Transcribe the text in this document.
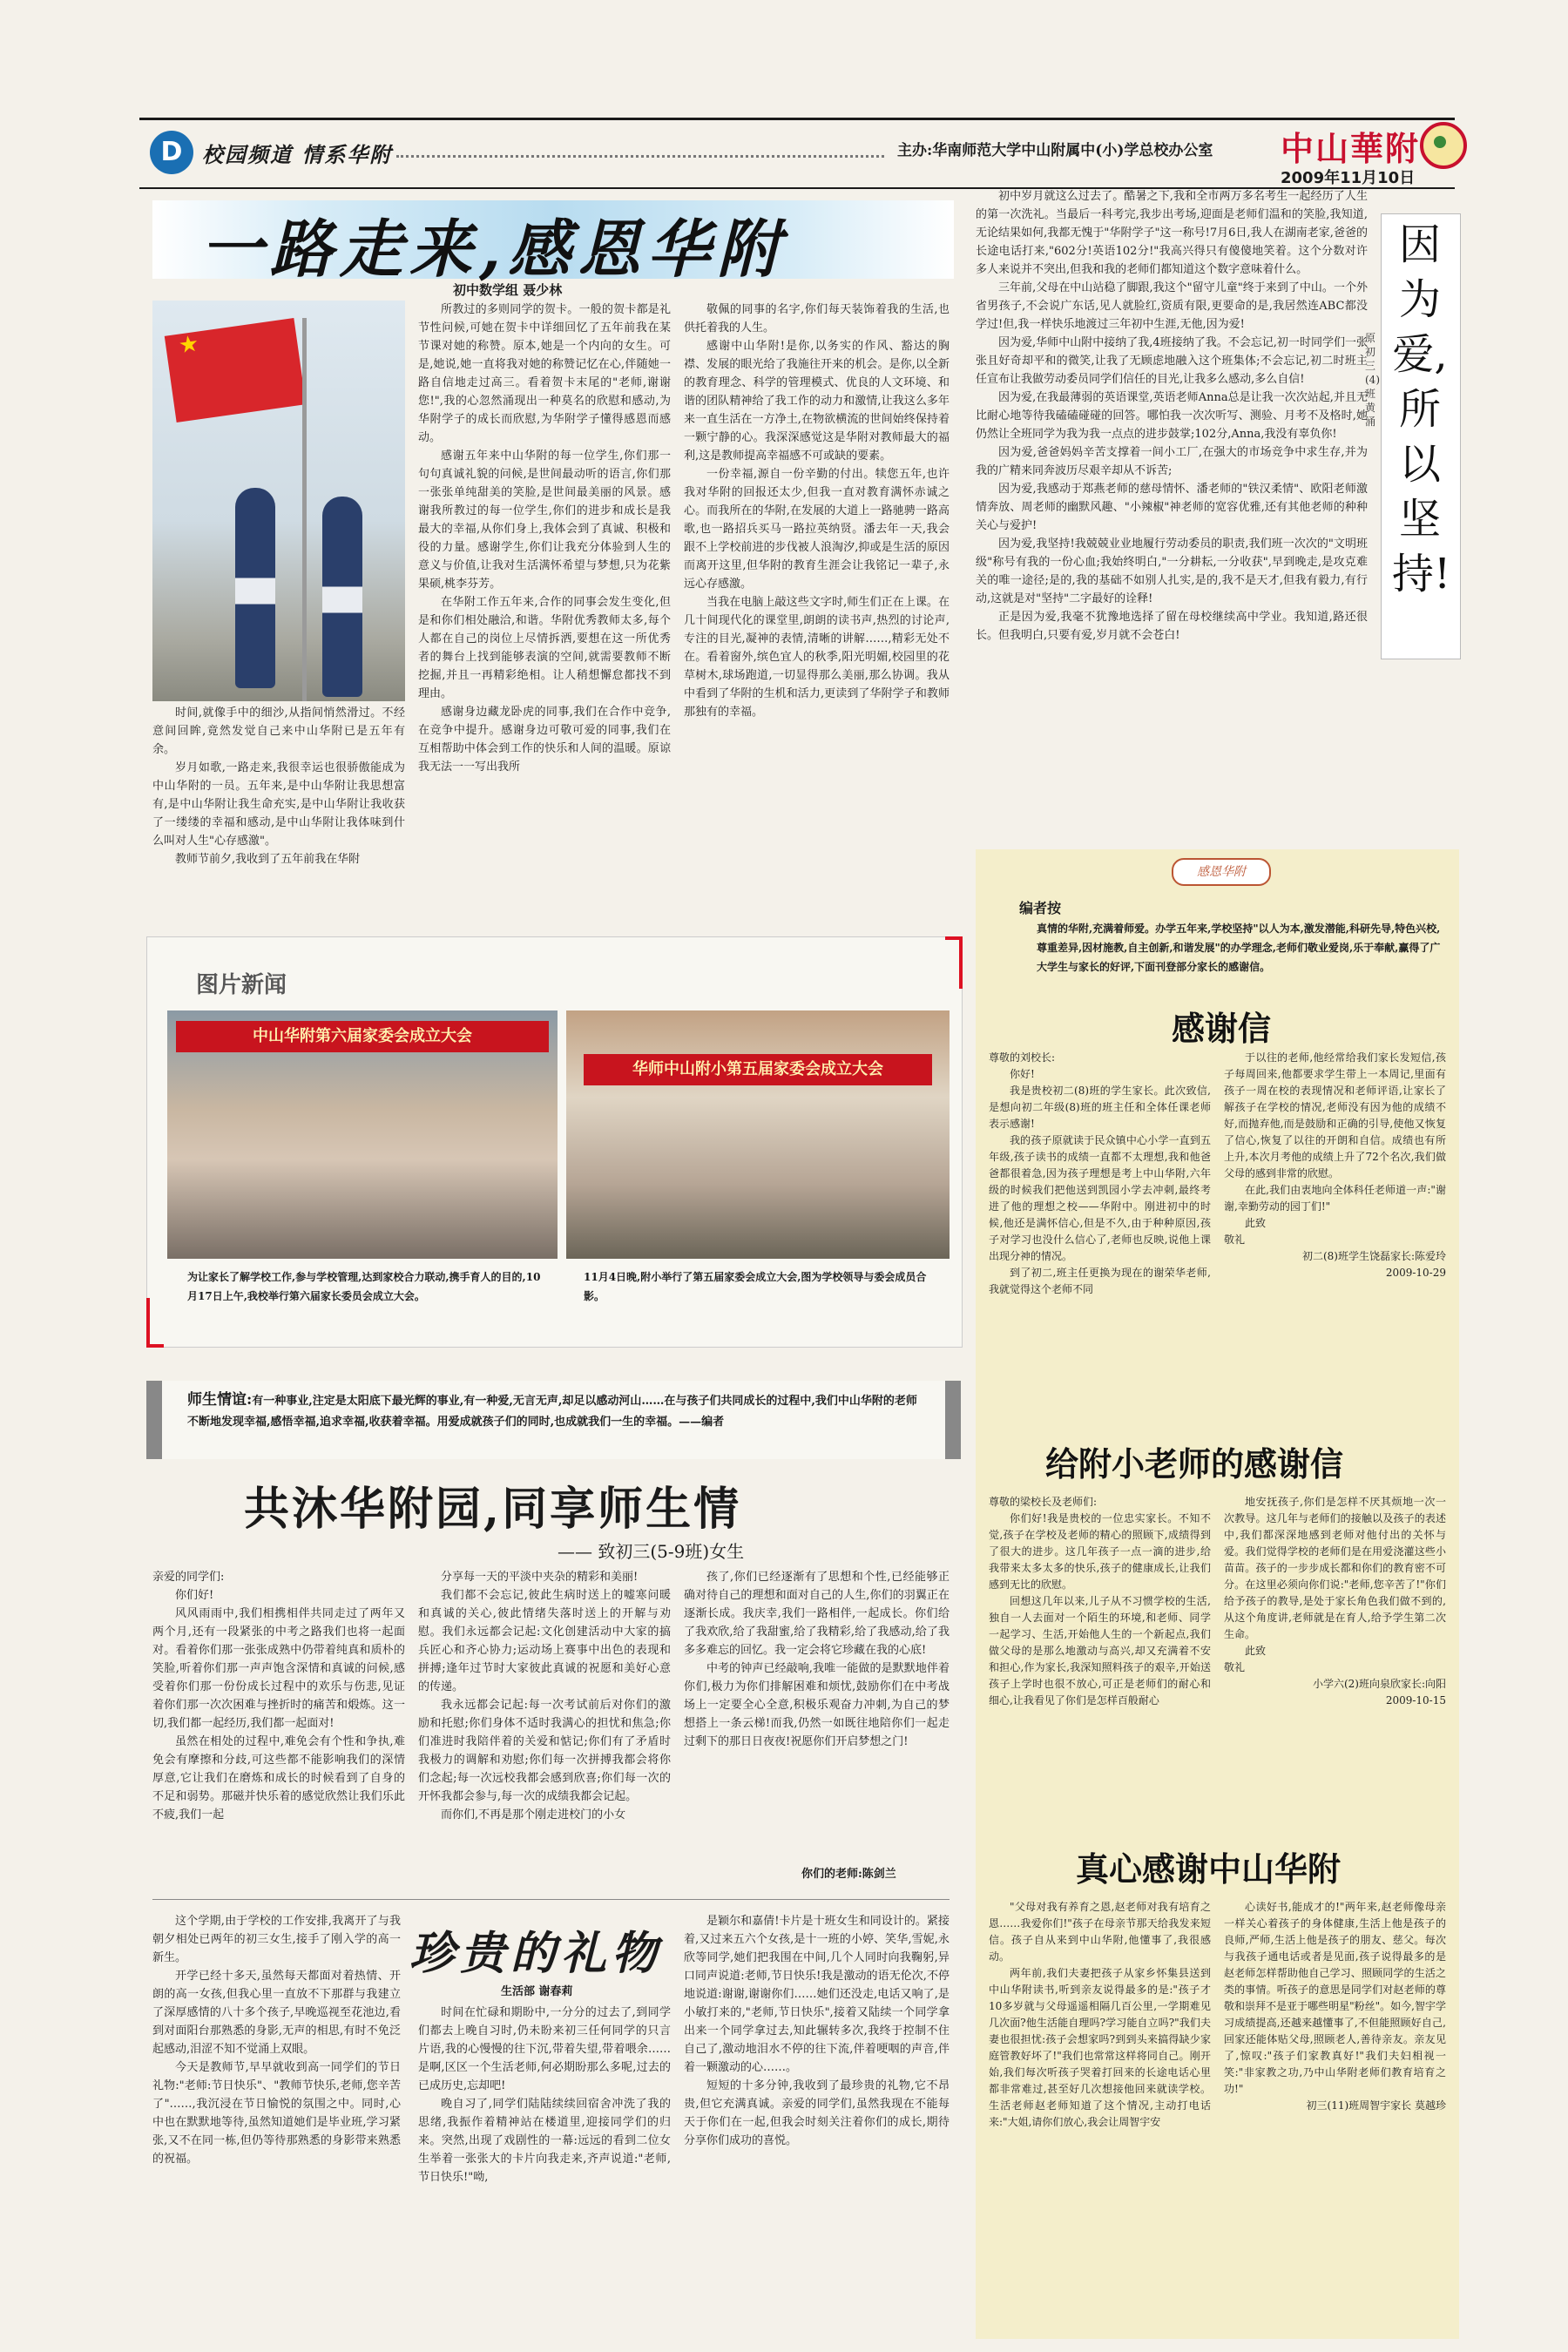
D 校园频道 情系华附	主办:华南师范大学中山附属中(小)学总校办公室 中山華附
2009年11月10日
一路走来,感恩华附
初中数学组 聂少林
★

时间,就像手中的细沙,从指间悄然滑过。不经意间回眸,竟然发觉自己来中山华附已是五年有余。

岁月如歌,一路走来,我很幸运也很骄傲能成为中山华附的一员。五年来,是中山华附让我思想富有,是中山华附让我生命充实,是中山华附让我收获了一缕缕的幸福和感动,是中山华附让我体味到什么叫对人生"心存感激"。

教师节前夕,我收到了五年前我在华附

所教过的多则同学的贺卡。一般的贺卡都是礼节性问候,可她在贺卡中详细回忆了五年前我在某节课对她的称赞。原本,她是一个内向的女生。可是,她说,她一直将我对她的称赞记忆在心,伴随她一路自信地走过高三。看着贺卡末尾的"老师,谢谢您!",我的心忽然涌现出一种莫名的欣慰和感动,为华附学子的成长而欣慰,为华附学子懂得感恩而感动。

感谢五年来中山华附的每一位学生,你们那一句句真诚礼貌的问候,是世间最动听的语言,你们那一张张单纯甜美的笑脸,是世间最美丽的风景。感谢我所教过的每一位学生,你们的进步和成长是我最大的幸福,从你们身上,我体会到了真诚、积极和役的力量。感谢学生,你们让我充分体验到人生的意义与价值,让我对生活满怀希望与梦想,只为花紫果硕,桃李芬芳。

在华附工作五年来,合作的同事会发生变化,但是和你们相处融洽,和谐。华附优秀教师太多,每个人都在自己的岗位上尽情拆洒,要想在这一所优秀者的舞台上找到能够表演的空间,就需要教师不断挖掘,并且一再精彩绝相。让人稍想懈怠都找不到理由。

感谢身边藏龙卧虎的同事,我们在合作中竞争,在竞争中提升。感谢身边可敬可爱的同事,我们在互相帮助中体会到工作的快乐和人间的温暖。原谅我无法一一写出我所

敬佩的同事的名字,你们每天装饰着我的生活,也供托着我的人生。

感谢中山华附!是你,以务实的作风、豁达的胸襟、发展的眼光给了我施往开来的机会。是你,以全新的教育理念、科学的管理模式、优良的人文环境、和谐的团队精神给了我工作的动力和激情,让我这么多年来一直生活在一方净土,在物欲横流的世间始终保持着一颗宁静的心。我深深感觉这是华附对教师最大的福利,这是教师提高幸福感不可或缺的要素。

一份幸福,源自一份辛勤的付出。犊您五年,也许我对华附的回报还太少,但我一直对教育满怀赤诚之心。而我所在的华附,在发展的大道上一路驰骋一路高歌,也一路招兵买马一路拉英纳贤。潘去年一天,我会跟不上学校前进的步伐被人浪淘汐,抑或是生活的原因而离开这里,但华附的教育生涯会让我铭记一辈子,永远心存感激。

当我在电脑上敲这些文字时,师生们正在上课。在几十间现代化的课堂里,朗朗的读书声,热烈的讨论声,专注的目光,凝神的表情,清晰的讲解……,精彩无处不在。看着窗外,缤色宜人的秋季,阳光明媚,校园里的花草树木,球场跑道,一切显得那么美丽,那么协调。我从中看到了华附的生机和活力,更读到了华附学子和教师那独有的幸福。

初中岁月就这么过去了。酷暑之下,我和全市两万多名考生一起经历了人生的第一次洗礼。当最后一科考完,我步出考场,迎面是老师们温和的笑脸,我知道,无论结果如何,我都无愧于"华附学子"这一称号!7月6日,我人在湖南老家,爸爸的长途电话打来,"602分!英语102分!"我高兴得只有傻傻地笑着。这个分数对许多人来说并不突出,但我和我的老师们都知道这个数字意味着什么。

三年前,父母在中山站稳了脚跟,我这个"留守儿童"终于来到了中山。一个外省男孩子,不会说广东话,见人就脸红,资质有限,更要命的是,我居然连ABC都没学过!但,我一样快乐地渡过三年初中生涯,无他,因为爱!

因为爱,华师中山附中接纳了我,4班接纳了我。不会忘记,初一时同学们一张张且好奇却平和的微笑,让我了无顾虑地融入这个班集体;不会忘记,初二时班主任宣布让我做劳动委员同学们信任的目光,让我多么感动,多么自信!

因为爱,在我最薄弱的英语课堂,英语老师Anna总是让我一次次站起,并且无比耐心地等待我磕磕碰碰的回答。哪怕我一次次听写、测验、月考不及格时,她仍然让全班同学为我为我一点点的进步鼓掌;102分,Anna,我没有辜负你!

因为爱,爸爸妈妈辛苦支撑着一间小工厂,在强大的市场竞争中求生存,并为我的广精来同奔波历尽艰辛却从不诉苦;

因为爱,我感动于郑燕老师的慈母情怀、潘老师的"铁汉柔情"、欧阳老师激情奔放、周老师的幽默风趣、"小辣椒"神老师的宽容优雅,还有其他老师的种种关心与爱护!

因为爱,我坚持!我兢兢业业地履行劳动委员的职责,我们班一次次的"文明班级"称号有我的一份心血;我始终明白,"一分耕耘,一分收获",早到晚走,是攻克难关的唯一途径;是的,我的基础不如别人扎实,是的,我不是天才,但我有毅力,有行动,这就是对"坚持"二字最好的诠释!

正是因为爱,我毫不犹豫地选择了留在母校继续高中学业。我知道,路还很长。但我明白,只要有爱,岁月就不会苍白!

因为爱,所以坚持!
原初三(4)班 黄涌
图片新闻
中山华附第六届家委会成立大会
华师中山附小第五届家委会成立大会
为让家长了解学校工作,参与学校管理,达到家校合力联动,携手育人的目的,10月17日上午,我校举行第六届家长委员会成立大会。
11月4日晚,附小举行了第五届家委会成立大会,图为学校领导与委会成员合影。
师生情谊:有一种事业,注定是太阳底下最光辉的事业,有一种爱,无言无声,却足以感动河山……在与孩子们共同成长的过程中,我们中山华附的老师不断地发现幸福,感悟幸福,追求幸福,收获着幸福。用爱成就孩子们的同时,也成就我们一生的幸福。——编者
共沐华附园,同享师生情
—— 致初三(5-9班)女生

亲爱的同学们:

你们好!

风风雨雨中,我们相携相伴共同走过了两年又两个月,还有一段紧张的中考之路我们也将一起面对。看着你们那一张张成熟中仍带着纯真和质朴的笑脸,听着你们那一声声饱含深情和真诚的问候,感受着你们那一份份成长过程中的欢乐与伤悲,见证着你们那一次次困难与挫折时的痛苦和煅炼。这一切,我们都一起经历,我们都一起面对!

虽然在相处的过程中,难免会有个性和争执,难免会有摩擦和分歧,可这些都不能影响我们的深情厚意,它让我们在磨炼和成长的时候看到了自身的不足和弱势。那磁并快乐着的感觉欣然让我们乐此不疲,我们一起

分享每一天的平淡中夹杂的精彩和美丽!

我们都不会忘记,彼此生病时送上的嘘寒问暖和真诚的关心,彼此情绪失落时送上的开解与劝慰。我们永远都会记起:文化创建活动中大家的搞兵匠心和齐心协力;运动场上赛事中出色的表现和拼搏;逢年过节时大家彼此真诚的祝愿和美好心意的传递。

我永远都会记起:每一次考试前后对你们的激励和托慰;你们身体不适时我满心的担忧和焦急;你们准进时我陪伴着的关爱和惦记;你们有了矛盾时我极力的调解和劝慰;你们每一次拼搏我都会将你们念起;每一次远校我都会感到欣喜;你们每一次的开怀我都会参与,每一次的成绩我都会记起。

而你们,不再是那个刚走进校门的小女

孩了,你们已经逐渐有了思想和个性,已经能够正确对待自己的理想和面对自己的人生,你们的羽翼正在逐渐长成。我庆幸,我们一路相伴,一起成长。你们给了我欢欣,给了我甜蜜,给了我精彩,给了我感动,给了我多多难忘的回忆。我一定会将它珍藏在我的心底!

中考的钟声已经敲响,我唯一能做的是默默地伴着你们,极力为你们排解困难和烦忧,鼓励你们在中考战场上一定要全心全意,积极乐观奋力冲刺,为自己的梦想搭上一条云梯!而我,仍然一如既往地陪你们一起走过剩下的那日日夜夜!祝愿你们开启梦想之门!

你们的老师:陈剑兰
珍贵的礼物
生活部 谢春莉

这个学期,由于学校的工作安排,我离开了与我朝夕相处已两年的初三女生,接手了刚入学的高一新生。

开学已经十多天,虽然每天都面对着热情、开朗的高一女孩,但我心里一直放不下那群与我建立了深厚感情的八十多个孩子,早晚巡视至花池边,看到对面阳台那熟悉的身影,无声的相思,有时不免泛起感动,泪涩不知不觉涌上双眼。

今天是教师节,早早就收到高一同学们的节日礼物:"老师:节日快乐"、"教师节快乐,老师,您辛苦了"……,我沉浸在节日愉悦的氛围之中。同时,心中也在默默地等待,虽然知道她们是毕业班,学习紧张,又不在同一栋,但仍等待那熟悉的身影带来熟悉的祝福。

时间在忙碌和期盼中,一分分的过去了,到同学们都去上晚自习时,仍未盼来初三任何同学的只言片语,我的心慢慢的往下沉,带着失望,带着喂余……是啊,区区一个生活老师,何必期盼那么多呢,过去的已成历史,忘却吧!

晚自习了,同学们陆陆续续回宿舍冲洗了我的思绪,我振作着精神站在楼道里,迎接同学们的归来。突然,出现了戏剧性的一幕:远远的看到二位女生举着一张张大的卡片向我走来,齐声说道:"老师,节日快乐!"呦,

是颖尔和嘉倩!卡片是十班女生和同设计的。紧接着,又过来五六个女孩,是十一班的小婷、笑华,雪妮,永欣等同学,她们把我围在中间,几个人同时向我鞠躬,异口同声说道:老师,节日快乐!我是激动的语无伦次,不停地说道:谢谢,谢谢你们……她们还没走,电话又响了,是小敏打来的,"老师,节日快乐",接着又陆续一个同学拿出来一个同学拿过去,知此辗转多次,我终于控制不住自己了,激动地泪水不停的往下流,伴着哽咽的声音,伴着一颗激动的心……。

短短的十多分钟,我收到了最珍贵的礼物,它不昂贵,但它充满真诚。亲爱的同学们,虽然我现在不能每天于你们在一起,但我会时刻关注着你们的成长,期待分享你们成功的喜悦。

感恩华附
编者按
真情的华附,充满着师爱。办学五年来,学校坚持"以人为本,激发潜能,科研先导,特色兴校,尊重差异,因材施教,自主创新,和谐发展"的办学理念,老师们敬业爱岗,乐于奉献,赢得了广大学生与家长的好评,下面刊登部分家长的感谢信。
感谢信

尊敬的刘校长:

你好!

我是贵校初二(8)班的学生家长。此次致信,是想向初二年级(8)班的班主任和全体任课老师表示感谢!

我的孩子原就读于民众镇中心小学一直到五年级,孩子读书的成绩一直都不太理想,我和他爸爸都很着急,因为孩子理想是考上中山华附,六年级的时候我们把他送到凯园小学去冲刺,最终考进了他的理想之校——华附中。刚进初中的时候,他还是满怀信心,但是不久,由于种种原因,孩子对学习也没什么信心了,老师也反映,说他上课出现分神的情况。

到了初二,班主任更换为现在的谢荣华老师,我就觉得这个老师不同

于以往的老师,他经常给我们家长发短信,孩子每周回来,他都要求学生带上一本周记,里面有孩子一周在校的表现情况和老师评语,让家长了解孩子在学校的情况,老师没有因为他的成绩不好,而抛弃他,而是鼓励和正确的引导,使他又恢复了信心,恢复了以往的开朗和自信。成绩也有所上升,本次月考他的成绩上升了72个名次,我们做父母的感到非常的欣慰。

在此,我们由衷地向全体科任老师道一声:"谢谢,幸勤劳动的园丁们!"

此致

敬礼

初二(8)班学生饶磊家长:陈爱玲

2009-10-29

给附小老师的感谢信

尊敬的梁校长及老师们:

你们好!我是贵校的一位忠实家长。不知不觉,孩子在学校及老师的精心的照顾下,成绩得到了很大的进步。这几年孩子一点一滴的进步,给我带来太多太多的快乐,孩子的健康成长,让我们感到无比的欣慰。

回想这几年以来,儿子从不习惯学校的生活,独自一人去面对一个陌生的环境,和老师、同学一起学习、生活,开始他人生的一个新起点,我们做父母的是那么地激动与高兴,却又充满着不安和担心,作为家长,我深知照料孩子的艰辛,开始送孩子上学时也很不放心,可正是老师们的耐心和细心,让我看见了你们是怎样百般耐心

地安抚孩子,你们是怎样不厌其烦地一次一次教导。这几年与老师们的接触以及孩子的表述中,我们都深深地感到老师对他付出的关怀与爱。我们觉得学校的老师们是在用爱浇灌这些小苗苗。孩子的一步步成长都和你们的教育密不可分。在这里必须向你们说:"老师,您辛苦了!"你们给予孩子的教导,是处于家长角色我们做不到的,从这个角度讲,老师就是在育人,给予学生第二次生命。

此致

敬礼

小学六(2)班向泉欣家长:向阳

2009-10-15

真心感谢中山华附

"父母对我有养育之恩,赵老师对我有培育之恩……我爱你们!"孩子在母亲节那天给我发来短信。孩子自从来到中山华附,他懂事了,我很感动。

两年前,我们夫妻把孩子从家乡怀集县送到中山华附读书,听到亲友说得最多的是:"孩子才10多岁就与父母遥遥相隔几百公里,一学期难见几次面?他生活能自理吗?学习能自立吗?"我们夫妻也很担忧:孩子会想家吗?到到头来搞得缺少家庭管教好坏了!"我们也常常这样将同自己。刚开始,我们每次听孩子哭着打回来的长途电话心里都非常难过,甚至好几次想接他回来就读学校。生活老师赵老师知道了这个情况,主动打电话来:"大姐,请你们放心,我会让周智宇安

心读好书,能成才的!"两年来,赵老师像母亲一样关心着孩子的身体健康,生活上他是孩子的良师,严师,生活上他是孩子的朋友、慈父。每次与我孩子通电话或者是见面,孩子说得最多的是赵老师怎样帮助他自己学习、照顾同学的生活之类的事情。听孩子的意思是同学们对赵老师的尊敬和崇拜不是亚于哪些明星"粉丝"。如今,智宇学习成绩提高,还越来越懂事了,不但能照顾好自己,回家还能体贴父母,照顾老人,善待亲友。亲友见了,惊叹:"孩子们家教真好!"我们夫妇相视一笑:"非家教之功,乃中山华附老师们教育培育之功!"

初三(11)班周智宇家长 莫越珍
